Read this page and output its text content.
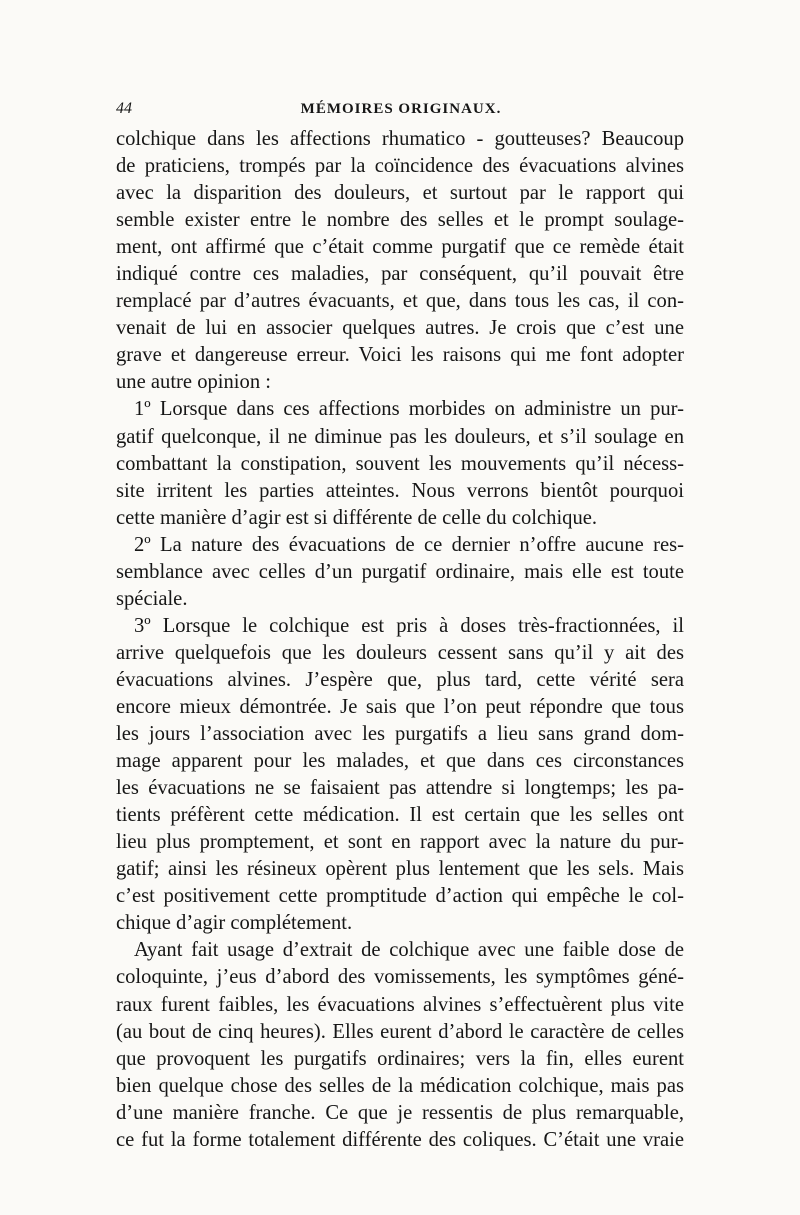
44	MÉMOIRES ORIGINAUX.
colchique dans les affections rhumatico - goutteuses? Beaucoup
de praticiens, trompés par la coïncidence des évacuations alvines
avec la disparition des douleurs, et surtout par le rapport qui
semble exister entre le nombre des selles et le prompt soulage-
ment, ont affirmé que c’était comme purgatif que ce remède était
indiqué contre ces maladies, par conséquent, qu’il pouvait être
remplacé par d’autres évacuants, et que, dans tous les cas, il con-
venait de lui en associer quelques autres. Je crois que c’est une
grave et dangereuse erreur. Voici les raisons qui me font adopter
une autre opinion :
1º Lorsque dans ces affections morbides on administre un pur-
gatif quelconque, il ne diminue pas les douleurs, et s’il soulage en
combattant la constipation, souvent les mouvements qu’il nécess-
site irritent les parties atteintes. Nous verrons bientôt pourquoi
cette manière d’agir est si différente de celle du colchique.
2º La nature des évacuations de ce dernier n’offre aucune res-
semblance avec celles d’un purgatif ordinaire, mais elle est toute
spéciale.
3º Lorsque le colchique est pris à doses très-fractionnées, il
arrive quelquefois que les douleurs cessent sans qu’il y ait des
évacuations alvines. J’espère que, plus tard, cette vérité sera
encore mieux démontrée. Je sais que l’on peut répondre que tous
les jours l’association avec les purgatifs a lieu sans grand dom-
mage apparent pour les malades, et que dans ces circonstances
les évacuations ne se faisaient pas attendre si longtemps; les pa-
tients préfèrent cette médication. Il est certain que les selles ont
lieu plus promptement, et sont en rapport avec la nature du pur-
gatif; ainsi les résineux opèrent plus lentement que les sels. Mais
c’est positivement cette promptitude d’action qui empêche le col-
chique d’agir complétement.
Ayant fait usage d’extrait de colchique avec une faible dose de
coloquinte, j’eus d’abord des vomissements, les symptômes géné-
raux furent faibles, les évacuations alvines s’effectuèrent plus vite
(au bout de cinq heures). Elles eurent d’abord le caractère de celles
que provoquent les purgatifs ordinaires; vers la fin, elles eurent
bien quelque chose des selles de la médication colchique, mais pas
d’une manière franche. Ce que je ressentis de plus remarquable,
ce fut la forme totalement différente des coliques. C’était une vraie
